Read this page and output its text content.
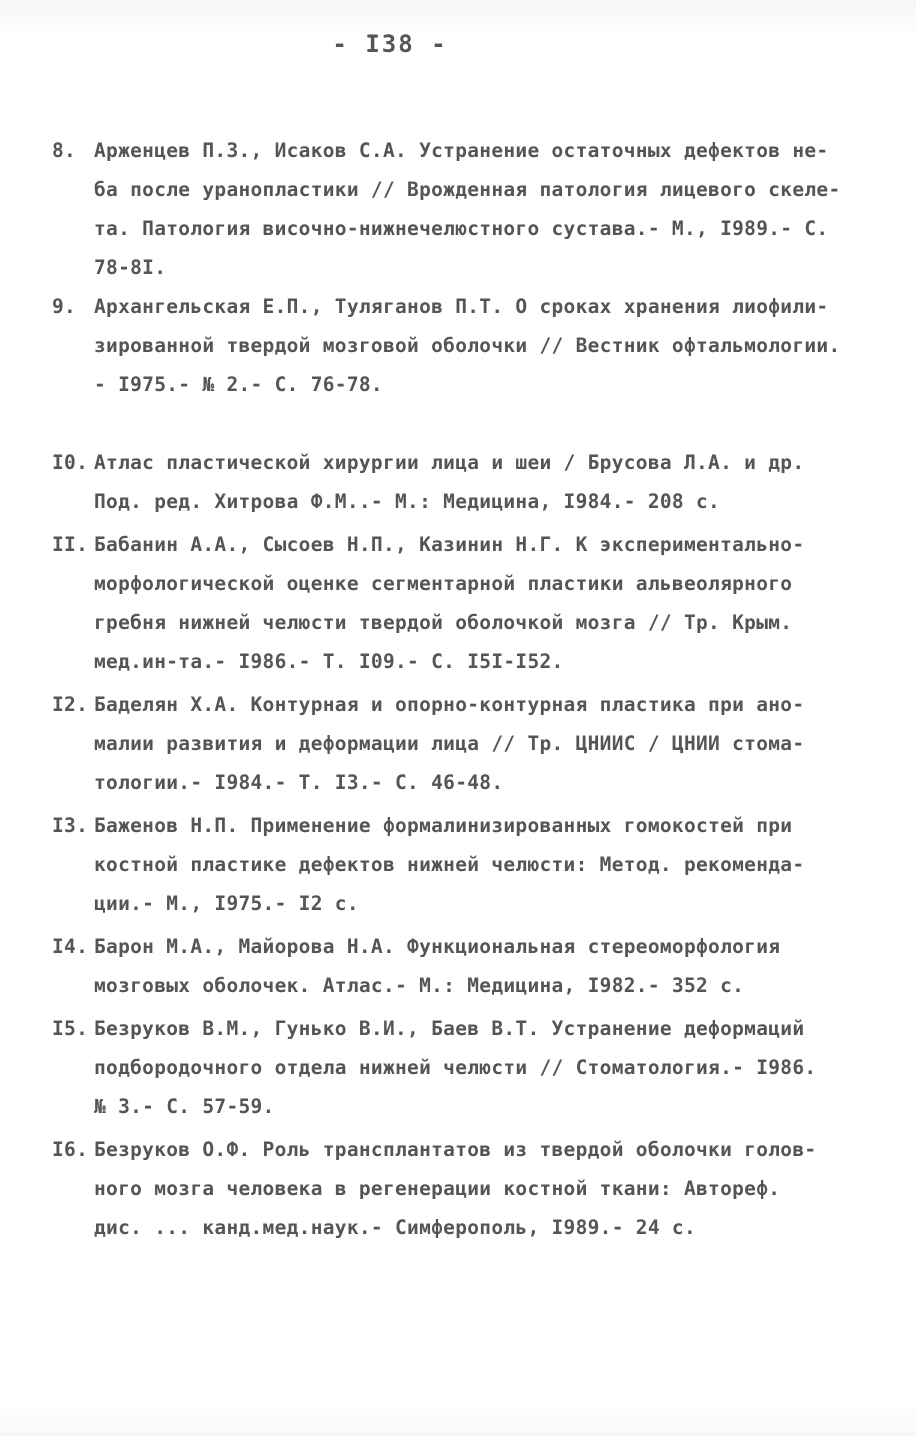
- I38 -
8. Арженцев П.З., Исаков С.А. Устранение остаточных дефектов не-
ба после уранопластики // Врожденная патология лицевого скеле-
та. Патология височно-нижнечелюстного сустава.- М., I989.- С.
78-8I.
9. Архангельская Е.П., Туляганов П.Т. О сроках хранения лиофили-
зированной твердой мозговой оболочки // Вестник офтальмологии.
- I975.- № 2.- С. 76-78.
I0. Атлас пластической хирургии лица и шеи / Брусова Л.А. и др.
Под. ред. Хитрова Ф.М..- М.: Медицина, I984.- 208 с.
II. Бабанин А.А., Сысоев Н.П., Казинин Н.Г. К экспериментально-
морфологической оценке сегментарной пластики альвеолярного
гребня нижней челюсти твердой оболочкой мозга // Тр. Крым.
мед.ин-та.- I986.- Т. I09.- С. I5I-I52.
I2. Баделян Х.А. Контурная и опорно-контурная пластика при ано-
малии развития и деформации лица // Тр. ЦНИИС / ЦНИИ стома-
тологии.- I984.- Т. I3.- С. 46-48.
I3. Баженов Н.П. Применение формалинизированных гомокостей при
костной пластике дефектов нижней челюсти: Метод. рекоменда-
ции.- М., I975.- I2 с.
I4. Барон М.А., Майорова Н.А. Функциональная стереоморфология
мозговых оболочек. Атлас.- М.: Медицина, I982.- 352 с.
I5. Безруков В.М., Гунько В.И., Баев В.Т. Устранение деформаций
подбородочного отдела нижней челюсти // Стоматология.- I986.
№ 3.- С. 57-59.
I6. Безруков О.Ф. Роль трансплантатов из твердой оболочки голов-
ного мозга человека в регенерации костной ткани: Автореф.
дис. ... канд.мед.наук.- Симферополь, I989.- 24 с.
